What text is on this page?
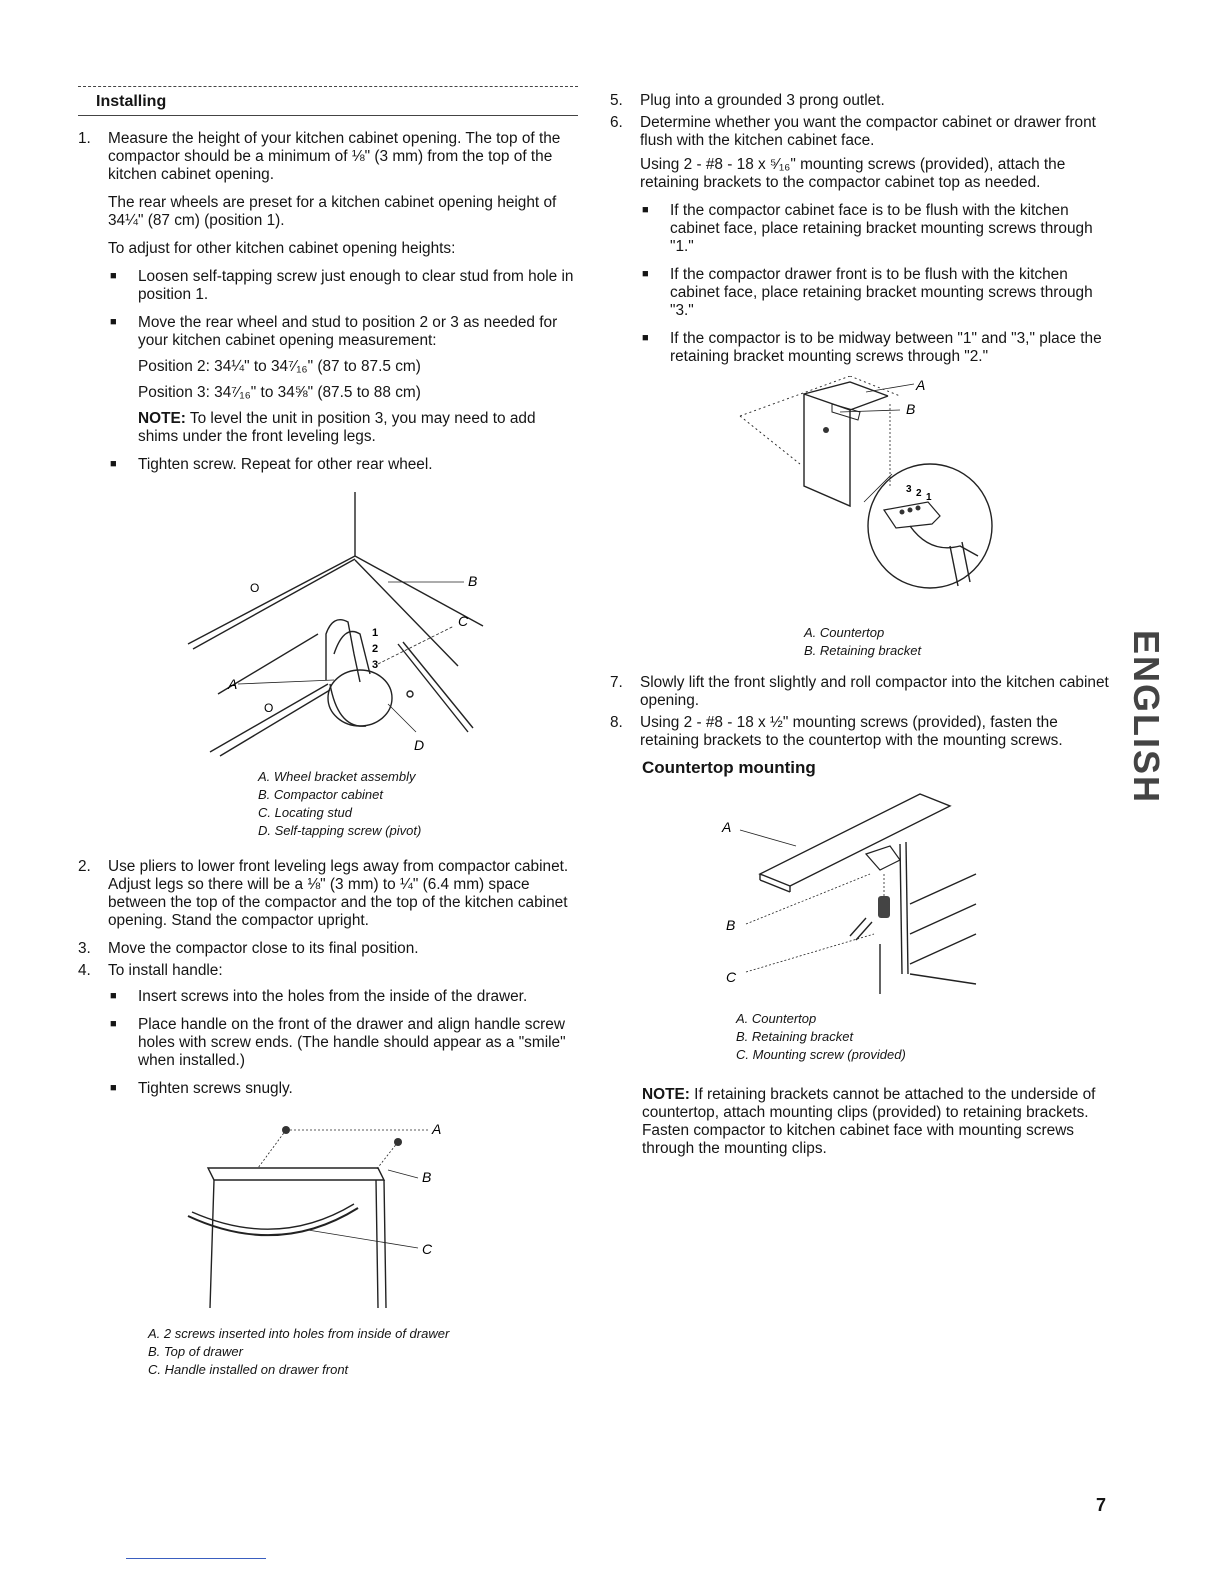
Installing
1.	Measure the height of your kitchen cabinet opening. The top of the compactor should be a minimum of ⅛" (3 mm) from the top of the kitchen cabinet opening.

The rear wheels are preset for a kitchen cabinet opening height of 34¼" (87 cm) (position 1).

To adjust for other kitchen cabinet opening heights:

■ Loosen self-tapping screw just enough to clear stud from hole in position 1.
■ Move the rear wheel and stud to position 2 or 3 as needed for your kitchen cabinet opening measurement:

Position 2: 34¼" to 34⁷⁄₁₆" (87 to 87.5 cm)

Position 3: 34⁷⁄₁₆" to 34⅝" (87.5 to 88 cm)

NOTE: To level the unit in position 3, you may need to add shims under the front leveling legs.

■ Tighten screw. Repeat for other rear wheel.
B
C
A
D
O
O
1
2
3
A. Wheel bracket assembly
B. Compactor cabinet
C. Locating stud
D. Self-tapping screw (pivot)
2.	Use pliers to lower front leveling legs away from compactor cabinet. Adjust legs so there will be a ⅛" (3 mm) to ¼" (6.4 mm) space between the top of the compactor and the top of the kitchen cabinet opening. Stand the compactor upright.

3.	Move the compactor close to its final position.

4.	To install handle:

■ Insert screws into the holes from the inside of the drawer.
■ Place handle on the front of the drawer and align handle screw holes with screw ends. (The handle should appear as a "smile" when installed.)
■ Tighten screws snugly.
A
B
C
A. 2 screws inserted into holes from inside of drawer
B. Top of drawer
C. Handle installed on drawer front
5.	Plug into a grounded 3 prong outlet.

6.	Determine whether you want the compactor cabinet or drawer front flush with the kitchen cabinet face.

Using 2 - #8 - 18 x ⁵⁄₁₆" mounting screws (provided), attach the retaining brackets to the compactor cabinet top as needed.

■ If the compactor cabinet face is to be flush with the kitchen cabinet face, place retaining bracket mounting screws through "1."
■ If the compactor drawer front is to be flush with the kitchen cabinet face, place retaining bracket mounting screws through "3."
■ If the compactor is to be midway between "1" and "3," place the retaining bracket mounting screws through "2."
A
B
3 2 1
A. Countertop
B. Retaining bracket
7.	Slowly lift the front slightly and roll compactor into the kitchen cabinet opening.

8.	Using 2 - #8 - 18 x ½" mounting screws (provided), fasten the retaining brackets to the countertop with the mounting screws.

Countertop mounting
A
B
C
A. Countertop
B. Retaining bracket
C. Mounting screw (provided)

NOTE: If retaining brackets cannot be attached to the underside of countertop, attach mounting clips (provided) to retaining brackets. Fasten compactor to kitchen cabinet face with mounting screws through the mounting clips.

ENGLISH
7
